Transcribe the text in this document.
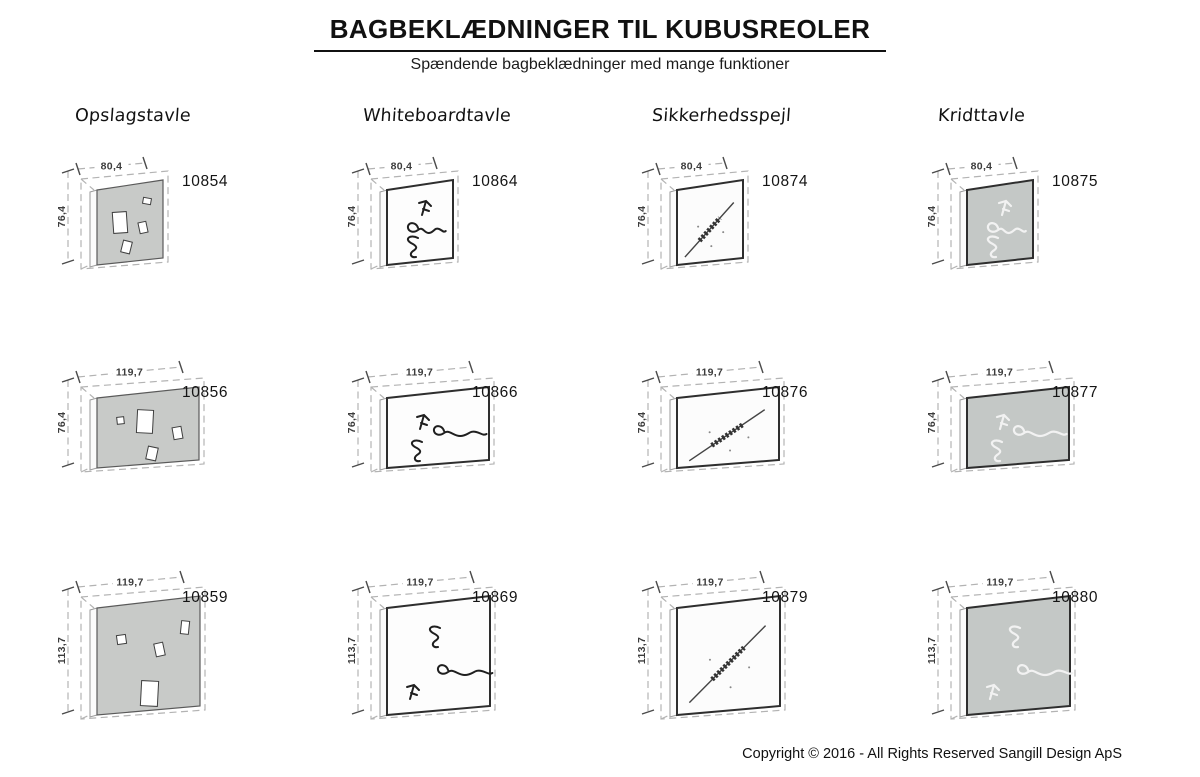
BAGBEKLÆDNINGER TIL KUBUSREOLER
Spændende bagbeklædninger med mange funktioner
Opslagstavle	Whiteboardtavle	Sikkerhedsspejl	Kridttavle
76,4
80,4
10854
76,4
80,4
10864
76,4
80,4
10874
76,4
80,4
10875
76,4
119,7
10856
76,4
119,7
10866
76,4
119,7
10876
76,4
119,7
10877
113,7
119,7
10859
113,7
119,7
10869
113,7
119,7
10879
113,7
119,7
10880
Copyright © 2016 - All Rights Reserved Sangill Design ApS
